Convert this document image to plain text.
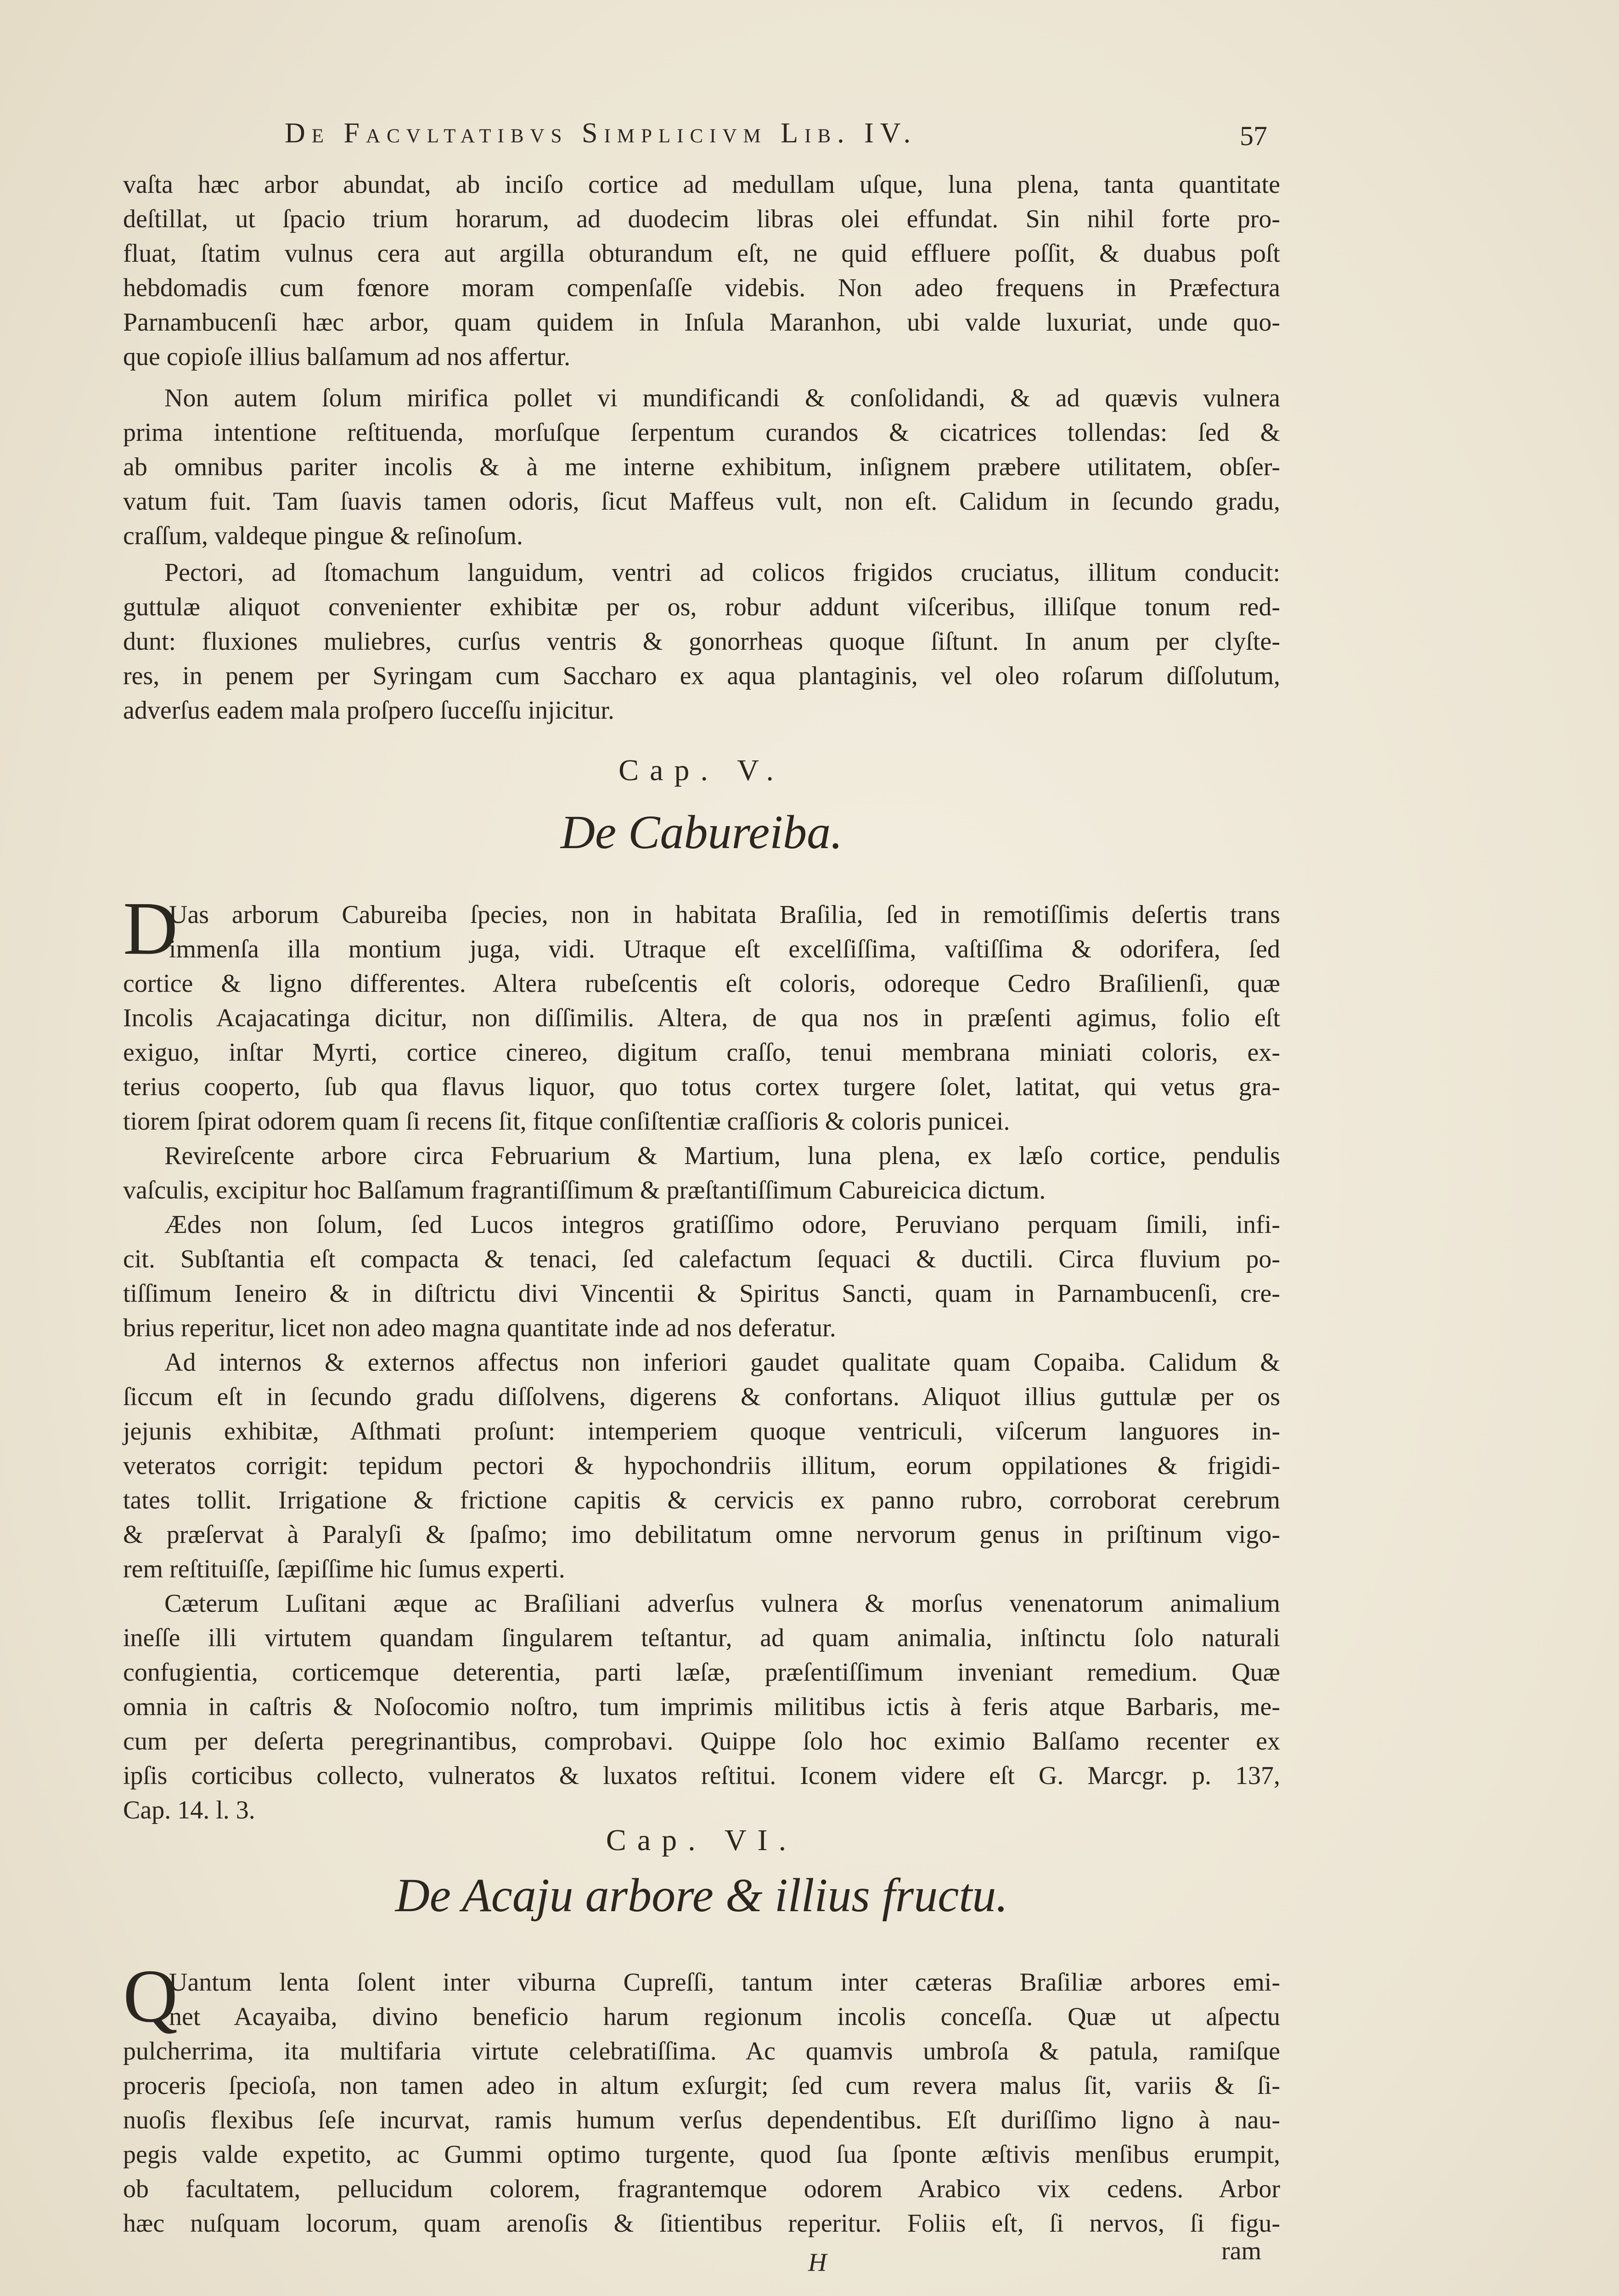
De Facvltatibvs Simplicivm Lib. IV.	57
vaſta hæc arbor abundat, ab inciſo cortice ad medullam uſque, luna plena, tanta quantitate
deſtillat, ut ſpacio trium horarum, ad duodecim libras olei effundat. Sin nihil forte pro-
fluat, ſtatim vulnus cera aut argilla obturandum eſt, ne quid effluere poſſit, & duabus poſt
hebdomadis cum fœnore moram compenſaſſe videbis. Non adeo frequens in Præfectura
Parnambucenſi hæc arbor, quam quidem in Inſula Maranhon, ubi valde luxuriat, unde quo-
que copioſe illius balſamum ad nos affertur.
Non autem ſolum mirifica pollet vi mundificandi & conſolidandi, & ad quævis vulnera
prima intentione reſtituenda, morſuſque ſerpentum curandos & cicatrices tollendas: ſed &
ab omnibus pariter incolis & à me interne exhibitum, inſignem præbere utilitatem, obſer-
vatum fuit. Tam ſuavis tamen odoris, ſicut Maffeus vult, non eſt. Calidum in ſecundo gradu,
craſſum, valdeque pingue & reſinoſum.
Pectori, ad ſtomachum languidum, ventri ad colicos frigidos cruciatus, illitum conducit:
guttulæ aliquot convenienter exhibitæ per os, robur addunt viſceribus, illiſque tonum red-
dunt: fluxiones muliebres, curſus ventris & gonorrheas quoque ſiſtunt. In anum per clyſte-
res, in penem per Syringam cum Saccharo ex aqua plantaginis, vel oleo roſarum diſſolutum,
adverſus eadem mala proſpero ſucceſſu injicitur.
Cap. V.
De Cabureiba.
D
Uas arborum Cabureiba ſpecies, non in habitata Braſilia, ſed in remotiſſimis deſertis trans
immenſa illa montium juga, vidi. Utraque eſt excelſiſſima, vaſtiſſima & odorifera, ſed
cortice & ligno differentes. Altera rubeſcentis eſt coloris, odoreque Cedro Braſilienſi, quæ
Incolis Acajacatinga dicitur, non diſſimilis. Altera, de qua nos in præſenti agimus, folio eſt
exiguo, inſtar Myrti, cortice cinereo, digitum craſſo, tenui membrana miniati coloris, ex-
terius cooperto, ſub qua flavus liquor, quo totus cortex turgere ſolet, latitat, qui vetus gra-
tiorem ſpirat odorem quam ſi recens ſit, fitque conſiſtentiæ craſſioris & coloris punicei.
Revireſcente arbore circa Februarium & Martium, luna plena, ex læſo cortice, pendulis
vaſculis, excipitur hoc Balſamum fragrantiſſimum & præſtantiſſimum Cabureicica dictum.
Ædes non ſolum, ſed Lucos integros gratiſſimo odore, Peruviano perquam ſimili, infi-
cit. Subſtantia eſt compacta & tenaci, ſed calefactum ſequaci & ductili. Circa fluvium po-
tiſſimum Ieneiro & in diſtrictu divi Vincentii & Spiritus Sancti, quam in Parnambucenſi, cre-
brius reperitur, licet non adeo magna quantitate inde ad nos deferatur.
Ad internos & externos affectus non inferiori gaudet qualitate quam Copaiba. Calidum &
ſiccum eſt in ſecundo gradu diſſolvens, digerens & confortans. Aliquot illius guttulæ per os
jejunis exhibitæ, Aſthmati proſunt: intemperiem quoque ventriculi, viſcerum languores in-
veteratos corrigit: tepidum pectori & hypochondriis illitum, eorum oppilationes & frigidi-
tates tollit. Irrigatione & frictione capitis & cervicis ex panno rubro, corroborat cerebrum
& præſervat à Paralyſi & ſpaſmo; imo debilitatum omne nervorum genus in priſtinum vigo-
rem reſtituiſſe, ſæpiſſime hic ſumus experti.
Cæterum Luſitani æque ac Braſiliani adverſus vulnera & morſus venenatorum animalium
ineſſe illi virtutem quandam ſingularem teſtantur, ad quam animalia, inſtinctu ſolo naturali
confugientia, corticemque deterentia, parti læſæ, præſentiſſimum inveniant remedium. Quæ
omnia in caſtris & Noſocomio noſtro, tum imprimis militibus ictis à feris atque Barbaris, me-
cum per deſerta peregrinantibus, comprobavi. Quippe ſolo hoc eximio Balſamo recenter ex
ipſis corticibus collecto, vulneratos & luxatos reſtitui. Iconem videre eſt G. Marcgr. p. 137,
Cap. 14. l. 3.
Cap. VI.
De Acaju arbore & illius fructu.
Q
Uantum lenta ſolent inter viburna Cupreſſi, tantum inter cæteras Braſiliæ arbores emi-
net Acayaiba, divino beneficio harum regionum incolis conceſſa. Quæ ut aſpectu
pulcherrima, ita multifaria virtute celebratiſſima. Ac quamvis umbroſa & patula, ramiſque
proceris ſpecioſa, non tamen adeo in altum exſurgit; ſed cum revera malus ſit, variis & ſi-
nuoſis flexibus ſeſe incurvat, ramis humum verſus dependentibus. Eſt duriſſimo ligno à nau-
pegis valde expetito, ac Gummi optimo turgente, quod ſua ſponte æſtivis menſibus erumpit,
ob facultatem, pellucidum colorem, fragrantemque odorem Arabico vix cedens. Arbor
hæc nuſquam locorum, quam arenoſis & ſitientibus reperitur. Foliis eſt, ſi nervos, ſi figu-
H	ram
